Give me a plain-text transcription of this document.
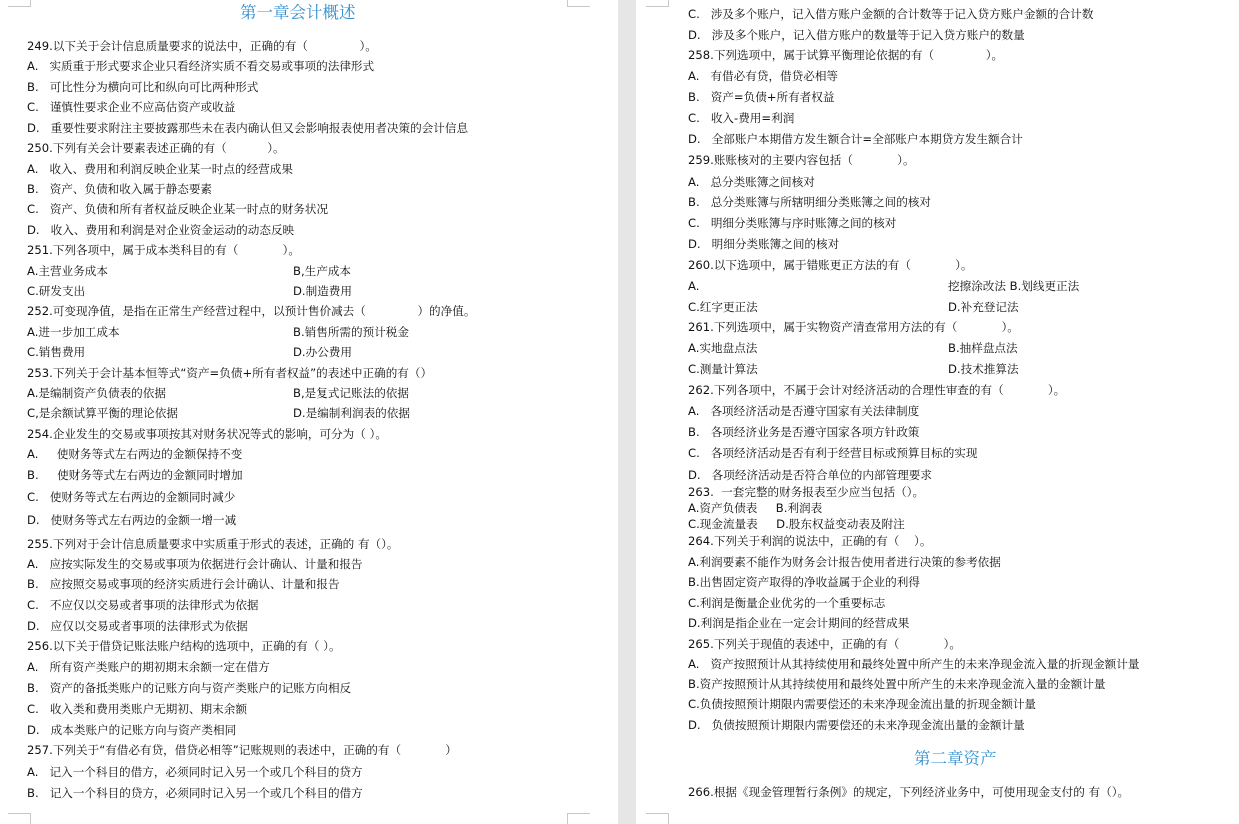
第一章会计概述
249.以下关于会计信息质量要求的说法中，正确的有（              ）。
A.   实质重于形式要求企业只看经济实质不看交易或事项的法律形式
B.   可比性分为横向可比和纵向可比两种形式
C.   谨慎性要求企业不应高估资产或收益
D.   重要性要求附注主要披露那些未在表内确认但又会影响报表使用者决策的会计信息
250.下列有关会计要素表述正确的有（           ）。
A.   收入、费用和利润反映企业某一时点的经营成果
B.   资产、负债和收入属于静态要素
C.   资产、负债和所有者权益反映企业某一时点的财务状况
D.   收入、费用和利润是对企业资金运动的动态反映
251.下列各项中，属于成本类科目的有（            ）。
A.主营业务成本	B,生产成本
C.研发支出	D.制造费用
252.可变现净值，是指在正常生产经营过程中，以预计售价减去（              ）的净值。
A.进一步加工成本	B.销售所需的预计税金
C.销售费用	D.办公费用
253.下列关于会计基本恒等式“资产=负债+所有者权益”的表述中正确的有（）
A.是编制资产负债表的依据	B,是复式记账法的依据
C,是余额试算平衡的理论依据	D.是编制利润表的依据
254.企业发生的交易或事项按其对财务状况等式的影响，可分为（ ）。
A.     使财务等式左右两边的金额保持不变
B.     使财务等式左右两边的金额同时增加
C.   使财务等式左右两边的金额同时减少
D.   使财务等式左右两边的金额一增一减
255.下列对于会计信息质量要求中实质重于形式的表述，正确的 有（）。
A.   应按实际发生的交易或事项为依据进行会计确认、计量和报告
B.   应按照交易或事项的经济实质进行会计确认、计量和报告
C.   不应仅以交易或者事项的法律形式为依据
D.   应仅以交易或者事项的法律形式为依据
256.以下关于借贷记账法账户结构的选项中，正确的有（ ）。
A.   所有资产类账户的期初期末余额一定在借方
B.   资产的备抵类账户的记账方向与资产类账户的记账方向相反
C.   收入类和费用类账户无期初、期末余额
D.   成本类账户的记账方向与资产类相同
257.下列关于“有借必有贷，借贷必相等”记账规则的表述中，正确的有（            ）
A.   记入一个科目的借方，必须同时记入另一个或几个科目的贷方
B.   记入一个科目的贷方，必须同时记入另一个或几个科目的借方
第二章资产
C.   涉及多个账户，记入借方账户金额的合计数等于记入贷方账户金额的合计数
D.   涉及多个账户，记入借方账户的数量等于记入贷方账户的数量
258.下列选项中，属于试算平衡理论依据的有（              ）。
A.   有借必有贷，借贷必相等
B.   资产=负债+所有者权益
C.   收入-费用=利润
D.   全部账户本期借方发生额合计=全部账户本期贷方发生额合计
259.账账核对的主要内容包括（            ）。
A.   总分类账簿之间核对
B.   总分类账簿与所辖明细分类账簿之间的核对
C.   明细分类账簿与序时账簿之间的核对
D.   明细分类账簿之间的核对
260.以下选项中，属于错账更正方法的有（            ）。
A.	挖擦涂改法 B.划线更正法
C.红字更正法	D.补充登记法
261.下列选项中，属于实物资产清查常用方法的有（            ）。
A.实地盘点法	B.抽样盘点法
C.测量计算法	D.技术推算法
262.下列各项中，不属于会计对经济活动的合理性审查的有（            ）。
A.   各项经济活动是否遵守国家有关法律制度
B.   各项经济业务是否遵守国家各项方针政策
C.   各项经济活动是否有利于经营目标或预算目标的实现
D.   各项经济活动是否符合单位的内部管理要求
263.  一套完整的财务报表至少应当包括（）。
A.资产负债表     B.利润表
C.现金流量表     D.股东权益变动表及附注
264.下列关于利润的说法中，正确的有（    ）。
A.利润要素不能作为财务会计报告使用者进行决策的参考依据
B.出售固定资产取得的净收益属于企业的利得
C.利润是衡量企业优劣的一个重要标志
D.利润是指企业在一定会计期间的经营成果
265.下列关于现值的表述中，正确的有（            ）。
A.   资产按照预计从其持续使用和最终处置中所产生的未来净现金流入量的折现金额计量
B.资产按照预计从其持续使用和最终处置中所产生的未来净现金流入量的金额计量
C.负债按照预计期限内需要偿还的未来净现金流出量的折现金额计量
D.   负债按照预计期限内需要偿还的未来净现金流出量的金额计量
266.根据《现金管理暂行条例》的规定，下列经济业务中，可使用现金支付的 有（）。
